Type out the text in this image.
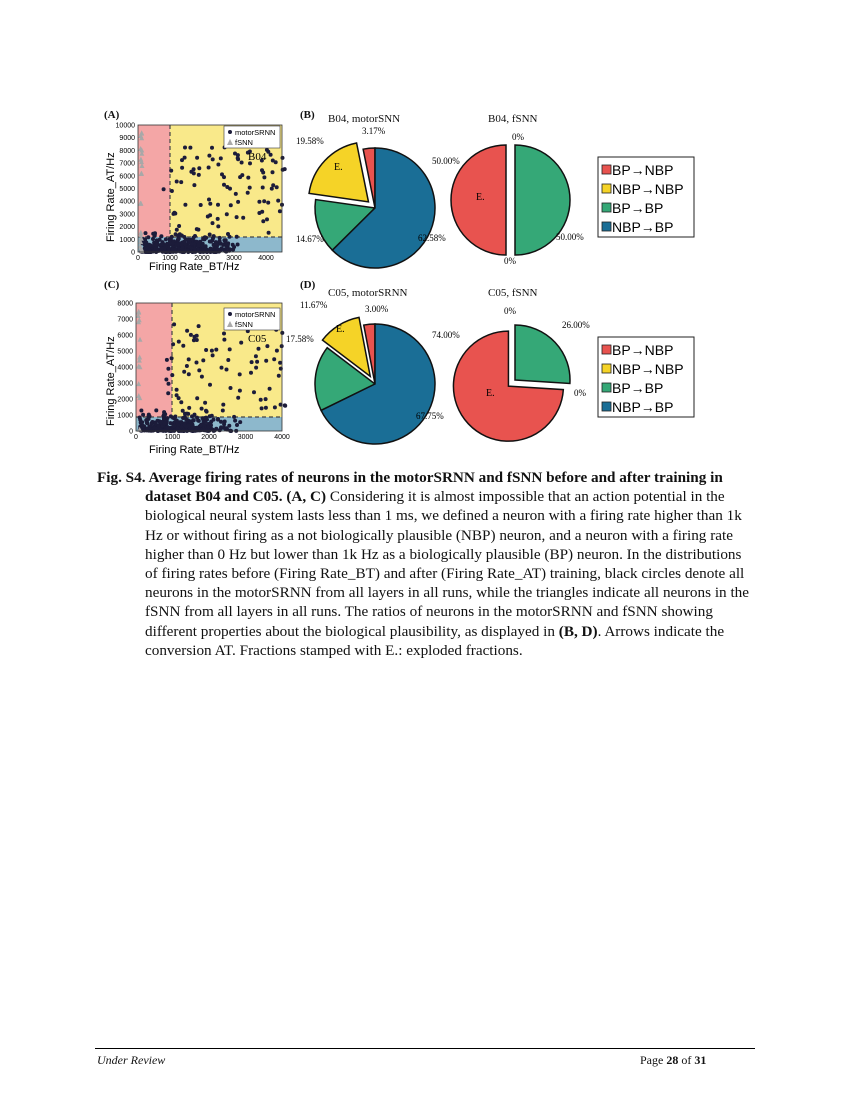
(A)	(B) B04, motorSNN	B04, fSNN
(C)	(D)
C05, motorSRNN	C05, fSNN
0	1000 2000 3000 4000
0
1000
2000
3000
4000
5000
6000
7000
8000
9000
10000
motorSRNN
fSNN
B04
Firing Rate_BT/Hz
Firing Rate_AT/Hz
0	1000	2000	3000	4000
0
1000
2000
3000
4000
5000
6000
7000
8000
motorSRNN
fSNN
C05
Firing Rate_BT/Hz
Firing Rate_AT/Hz
3.17%
19.58%
14.67%	62.58%
E.
50.00%
0%
50.00%
0%
E.
3.00%
11.67%
17.58%
67.75%
E.	74.00%
0%
26.00%
0%
E.
BP→NBP
NBP→NBP
BP→BP
NBP→BP
BP→NBP
NBP→NBP
BP→BP
NBP→BP
Fig. S4. Average firing rates of neurons in the motorSRNN and fSNN before and after training in
dataset B04 and C05. (A, C) Considering it is almost impossible that an action potential in the biological neural system lasts less than 1 ms, we defined a neuron with a firing rate higher than 1k Hz or without firing as a not biologically plausible (NBP) neuron, and a neuron with a firing rate higher than 0 Hz but lower than 1k Hz as a biologically plausible (BP) neuron. In the distributions of firing rates before (Firing Rate_BT) and after (Firing Rate_AT) training, black circles denote all neurons in the motorSRNN from all layers in all runs, while the triangles indicate all neurons in the fSNN from all layers in all runs. The ratios of neurons in the motorSRNN and fSNN showing different properties about the biological plausibility, as displayed in (B, D). Arrows indicate the conversion AT. Fractions stamped with E.: exploded fractions.
Under Review	Page 28 of 31
